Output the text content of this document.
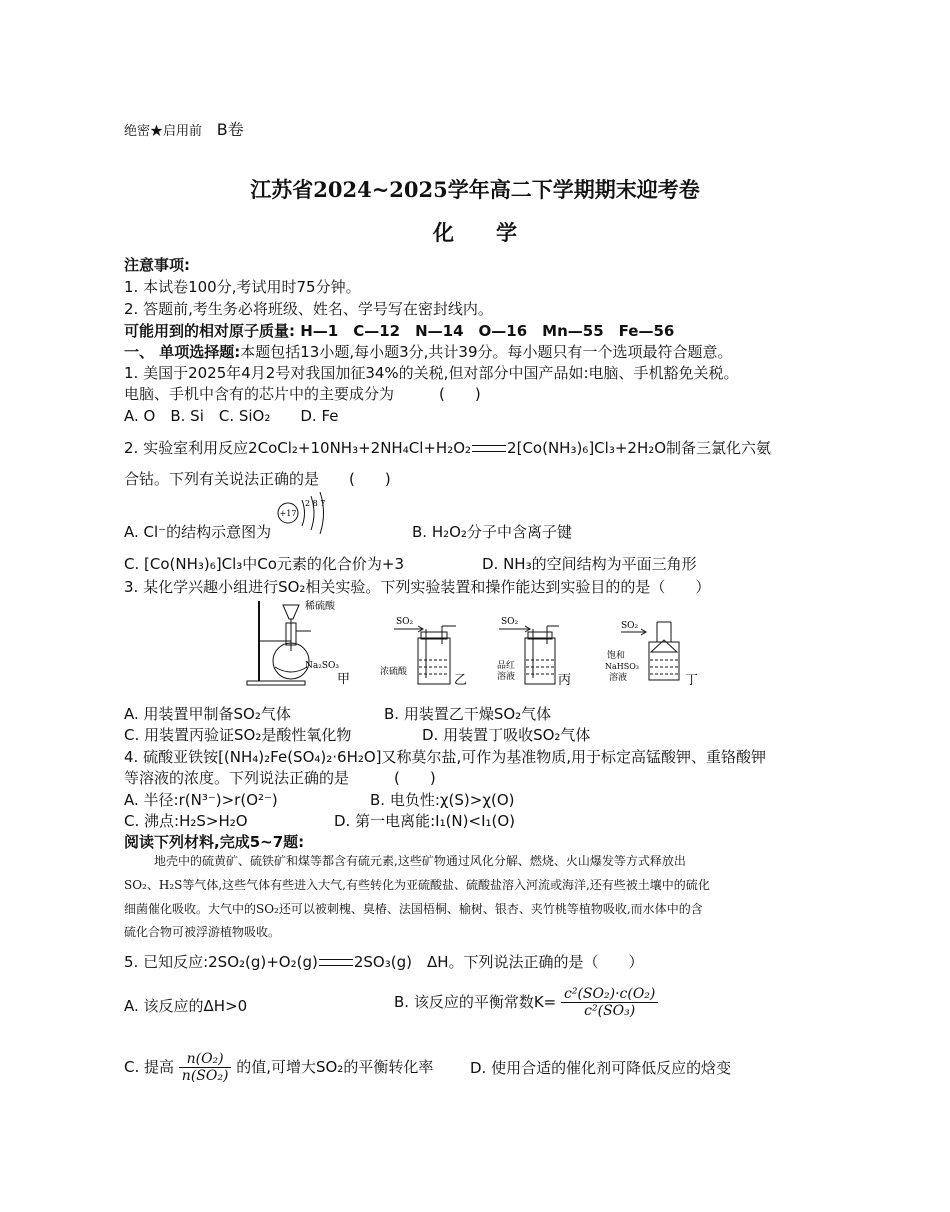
绝密★启用前 B卷
江苏省2024~2025学年高二下学期期末迎考卷
化　　学
注意事项:
1. 本试卷100分,考试用时75分钟。
2. 答题前,考生务必将班级、姓名、学号写在密封线内。
可能用到的相对原子质量: H—1　C—12　N—14　O—16　Mn—55　Fe—56
一、 单项选择题:本题包括13小题,每小题3分,共计39分。每小题只有一个选项最符合题意。
1. 美国于2025年4月2号对我国加征34%的关税,但对部分中国产品如:电脑、手机豁免关税。
电脑、手机中含有的芯片中的主要成分为　　　(　　)
A. O　B. Si　C. SiO₂　　D. Fe
2. 实验室利用反应2CoCl₂+10NH₃+2NH₄Cl+H₂O₂ 2[Co(NH₃)₆]Cl₃+2H₂O制备三氯化六氨
合钴。下列有关说法正确的是　　(　　)
A. Cl⁻的结构示意图为
+17
2 8 7
B. H₂O₂分子中含离子键
C. [Co(NH₃)₆]Cl₃中Co元素的化合价为+3	D. NH₃的空间结构为平面三角形
3. 某化学兴趣小组进行SO₂相关实验。下列实验装置和操作能达到实验目的的是（　　）
稀硫酸
Na₂SO₃
甲
SO₂
浓硫酸
乙
SO₂
品红
溶液	丙
SO₂
饱和
NaHSO₃
溶液	丁
A. 用装置甲制备SO₂气体	B. 用装置乙干燥SO₂气体
C. 用装置丙验证SO₂是酸性氧化物	D. 用装置丁吸收SO₂气体
4. 硫酸亚铁铵[(NH₄)₂Fe(SO₄)₂·6H₂O]又称莫尔盐,可作为基准物质,用于标定高锰酸钾、重铬酸钾
等溶液的浓度。下列说法正确的是　　　(　　)
A. 半径:r(N³⁻)>r(O²⁻)	B. 电负性:χ(S)>χ(O)
C. 沸点:H₂S>H₂O	D. 第一电离能:I₁(N)<I₁(O)
阅读下列材料,完成5~7题:
地壳中的硫黄矿、硫铁矿和煤等都含有硫元素,这些矿物通过风化分解、燃烧、火山爆发等方式释放出
SO₂、H₂S等气体,这些气体有些进入大气,有些转化为亚硫酸盐、硫酸盐溶入河流或海洋,还有些被土壤中的硫化
细菌催化吸收。大气中的SO₂还可以被刺槐、臭椿、法国梧桐、榆树、银杏、夹竹桃等植物吸收,而水体中的含
硫化合物可被浮游植物吸收。
5. 已知反应:2SO₂(g)+O₂(g) 2SO₃(g)　ΔH。下列说法正确的是（　　）
A. 该反应的ΔH>0	B. 该反应的平衡常数$K= \frac{\text{c²(SO₂)·c(O₂)}}{\text{c²(SO₃)}}$
C. 提高 $\frac{\text{n(O₂)}}{\text{n(SO₂)}}$ 的值,可增大SO₂的平衡转化率 D. 使用合适的催化剂可降低反应的焓变
